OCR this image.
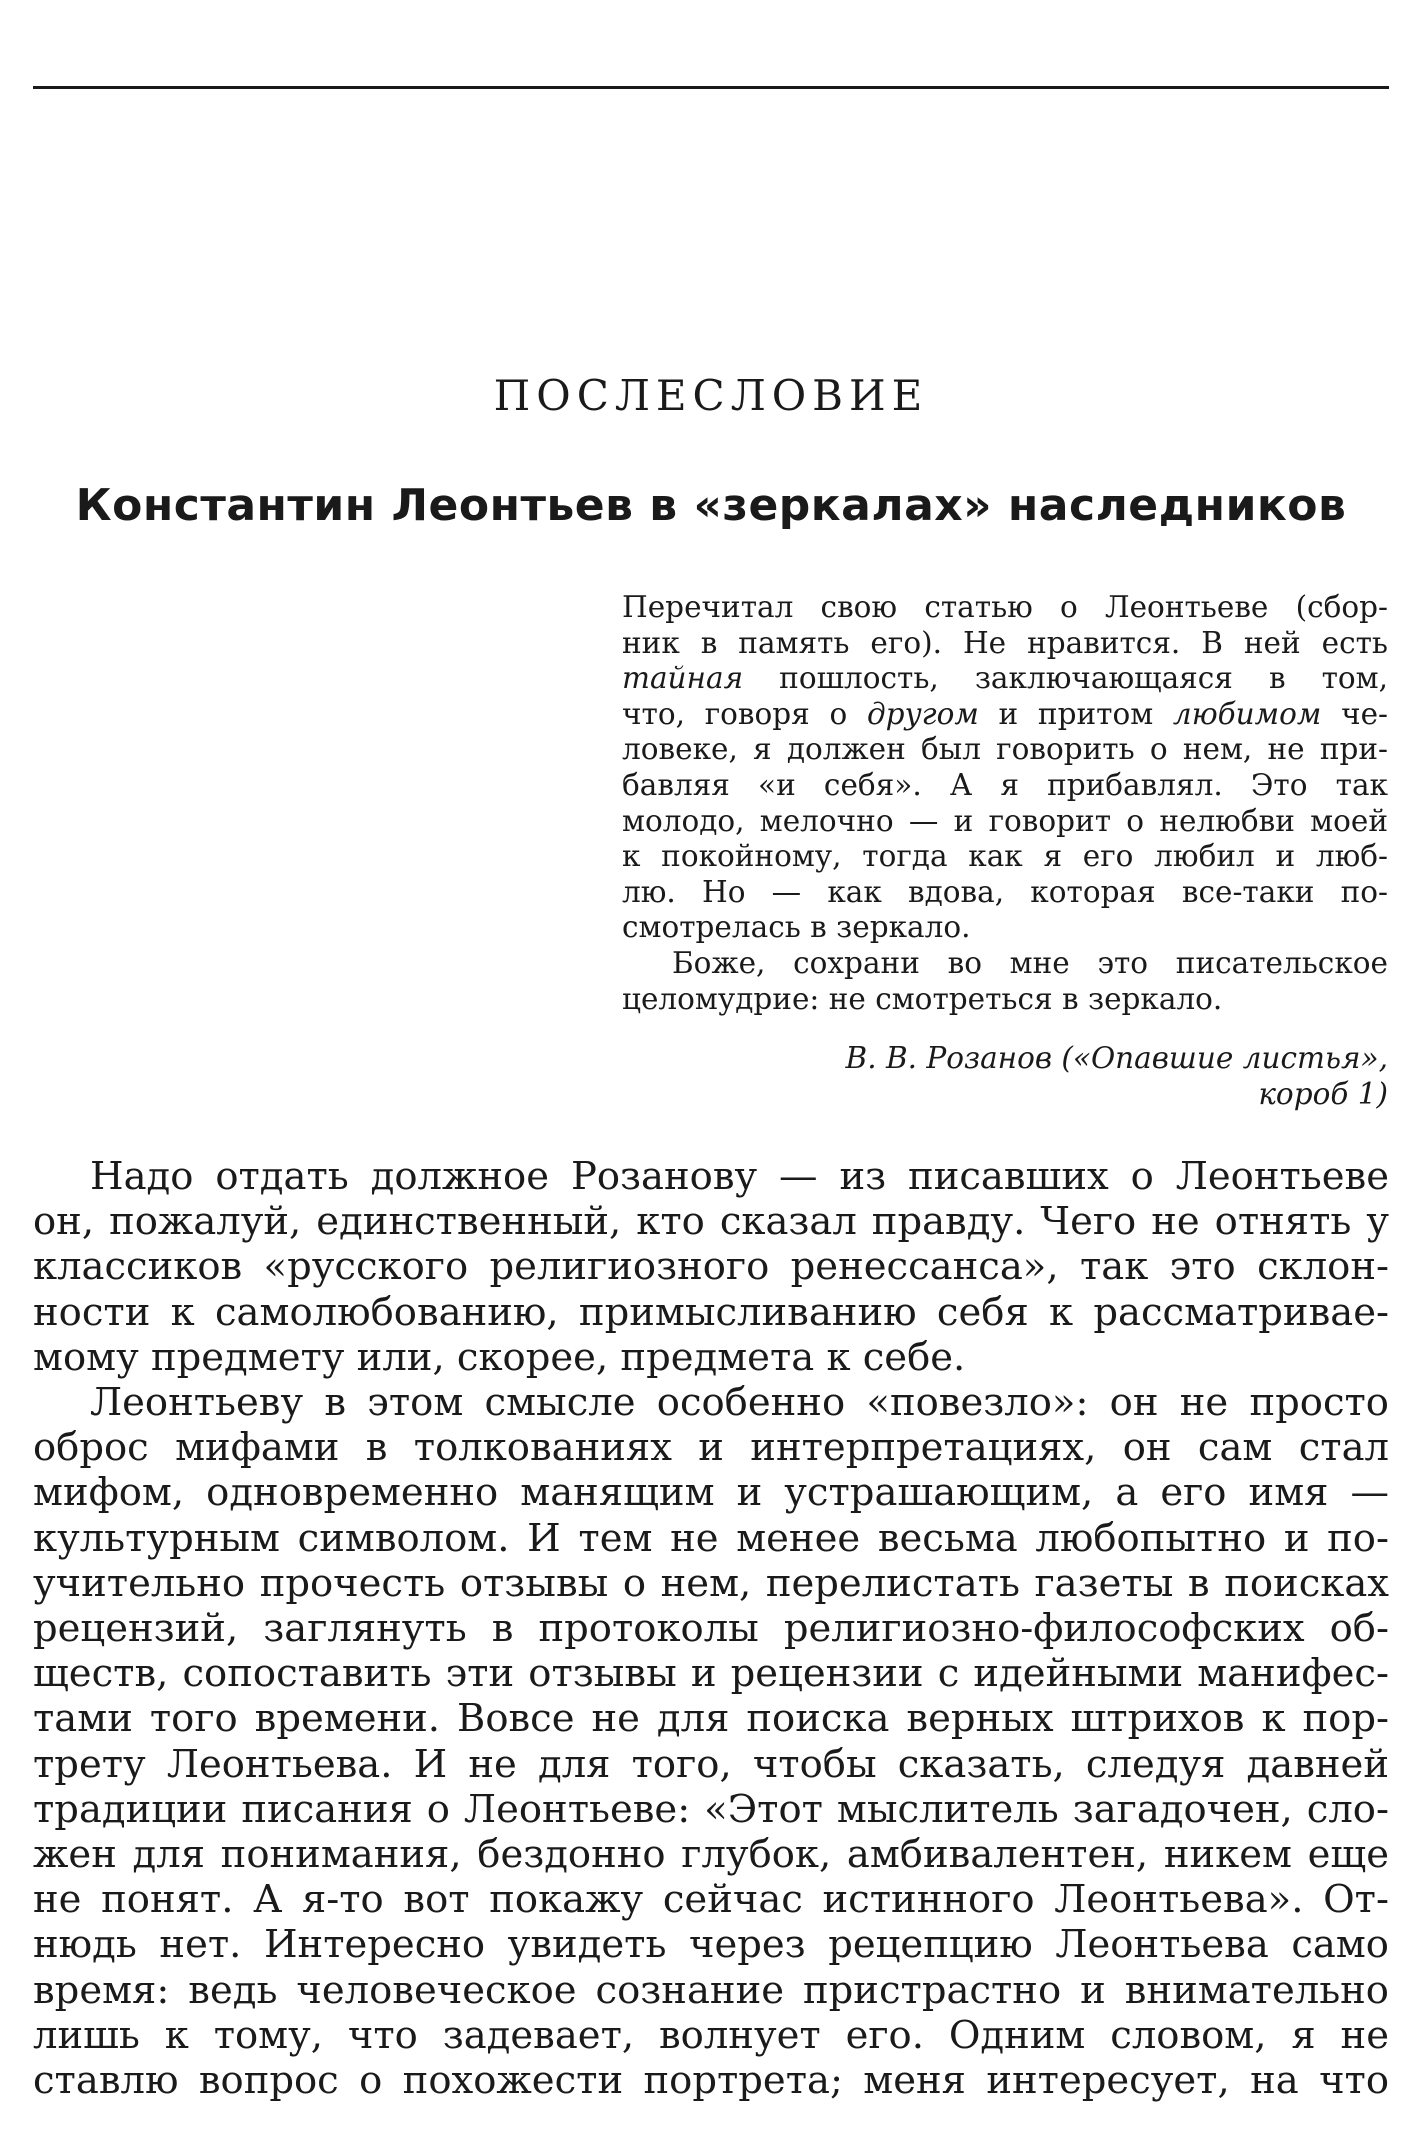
ПОСЛЕСЛОВИЕ
Константин Леонтьев в «зеркалах» наследников
Перечитал свою статью о Леонтьеве (сбор-
ник в память его). Не нравится. В ней есть
тайная пошлость, заключающаяся в том,
что, говоря о другом и притом любимом че-
ловеке, я должен был говорить о нем, не при-
бавляя «и себя». А я прибавлял. Это так
молодо, мелочно — и говорит о нелюбви моей
к покойному, тогда как я его любил и люб-
лю. Но — как вдова, которая все-таки по-
смотрелась в зеркало.
Боже, сохрани во мне это писательское
целомудрие: не смотреться в зеркало.
В. В. Розанов («Опавшие листья»,
короб 1)
Надо отдать должное Розанову — из писавших о Леонтьеве
он, пожалуй, единственный, кто сказал правду. Чего не отнять у
классиков «русского религиозного ренессанса», так это склон-
ности к самолюбованию, примысливанию себя к рассматривае-
мому предмету или, скорее, предмета к себе.
Леонтьеву в этом смысле особенно «повезло»: он не просто
оброс мифами в толкованиях и интерпретациях, он сам стал
мифом, одновременно манящим и устрашающим, а его имя —
культурным символом. И тем не менее весьма любопытно и по-
учительно прочесть отзывы о нем, перелистать газеты в поисках
рецензий, заглянуть в протоколы религиозно-философских об-
ществ, сопоставить эти отзывы и рецензии с идейными манифес-
тами того времени. Вовсе не для поиска верных штрихов к пор-
трету Леонтьева. И не для того, чтобы сказать, следуя давней
традиции писания о Леонтьеве: «Этот мыслитель загадочен, сло-
жен для понимания, бездонно глубок, амбивалентен, никем еще
не понят. А я-то вот покажу сейчас истинного Леонтьева». От-
нюдь нет. Интересно увидеть через рецепцию Леонтьева само
время: ведь человеческое сознание пристрастно и внимательно
лишь к тому, что задевает, волнует его. Одним словом, я не
ставлю вопрос о похожести портрета; меня интересует, на что
